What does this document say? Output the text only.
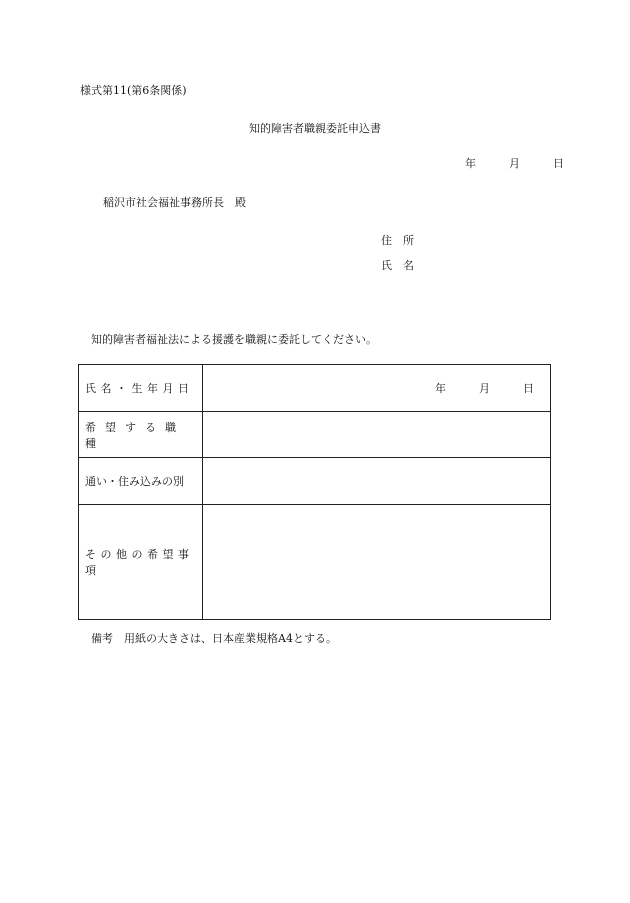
様式第11(第6条関係)
知的障害者職親委託申込書
年	月	日
稲沢市社会福祉事務所長　殿
住所
氏名
知的障害者福祉法による援護を職親に委託してください。
氏名・生年月日	年 月 日
希望する職種	
通い・住み込みの別	
その他の希望事項	
備考　用紙の大きさは、日本産業規格A4とする。
